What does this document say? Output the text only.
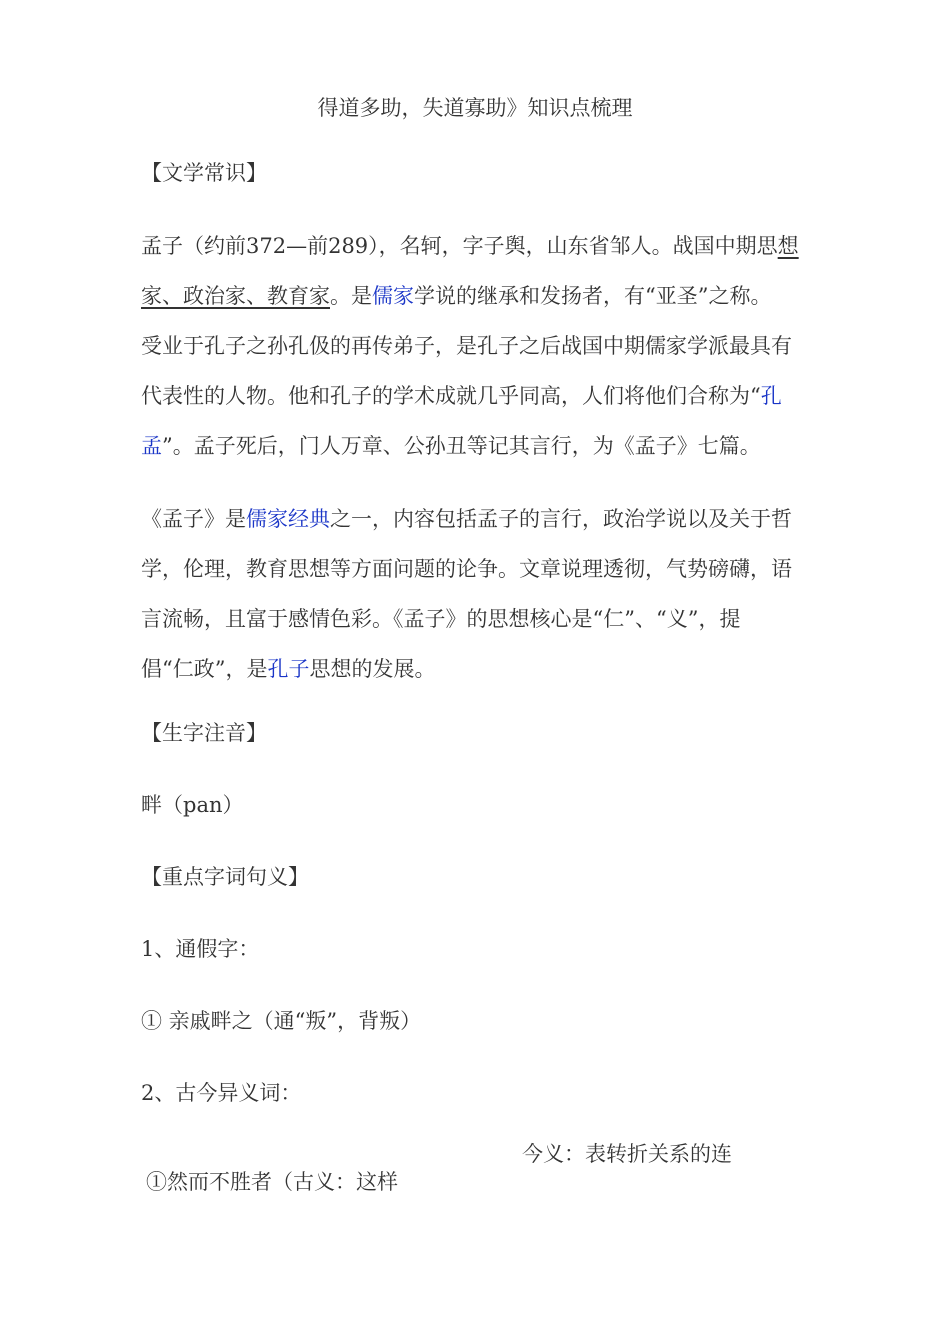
得道多助，失道寡助》知识点梳理
【文学常识】
孟子（约前372—前289），名轲，字子舆，山东省邹人。战国中期思想
家、政治家、教育家。是儒家学说的继承和发扬者，有“亚圣”之称。
受业于孔子之孙孔伋的再传弟子，是孔子之后战国中期儒家学派最具有
代表性的人物。他和孔子的学术成就几乎同高，人们将他们合称为“孔
孟”。孟子死后，门人万章、公孙丑等记其言行，为《孟子》七篇。
《孟子》是儒家经典之一，内容包括孟子的言行，政治学说以及关于哲
学，伦理，教育思想等方面问题的论争。文章说理透彻，气势磅礴，语
言流畅，且富于感情色彩。《孟子》的思想核心是“仁”、“义”，提
倡“仁政”，是孔子思想的发展。
【生字注音】
畔（pan）
【重点字词句义】
1、通假字：
① 亲戚畔之（通“叛”，背叛）
2、古今异义词：
今义：表转折关系的连
①然而不胜者（古义：这样
